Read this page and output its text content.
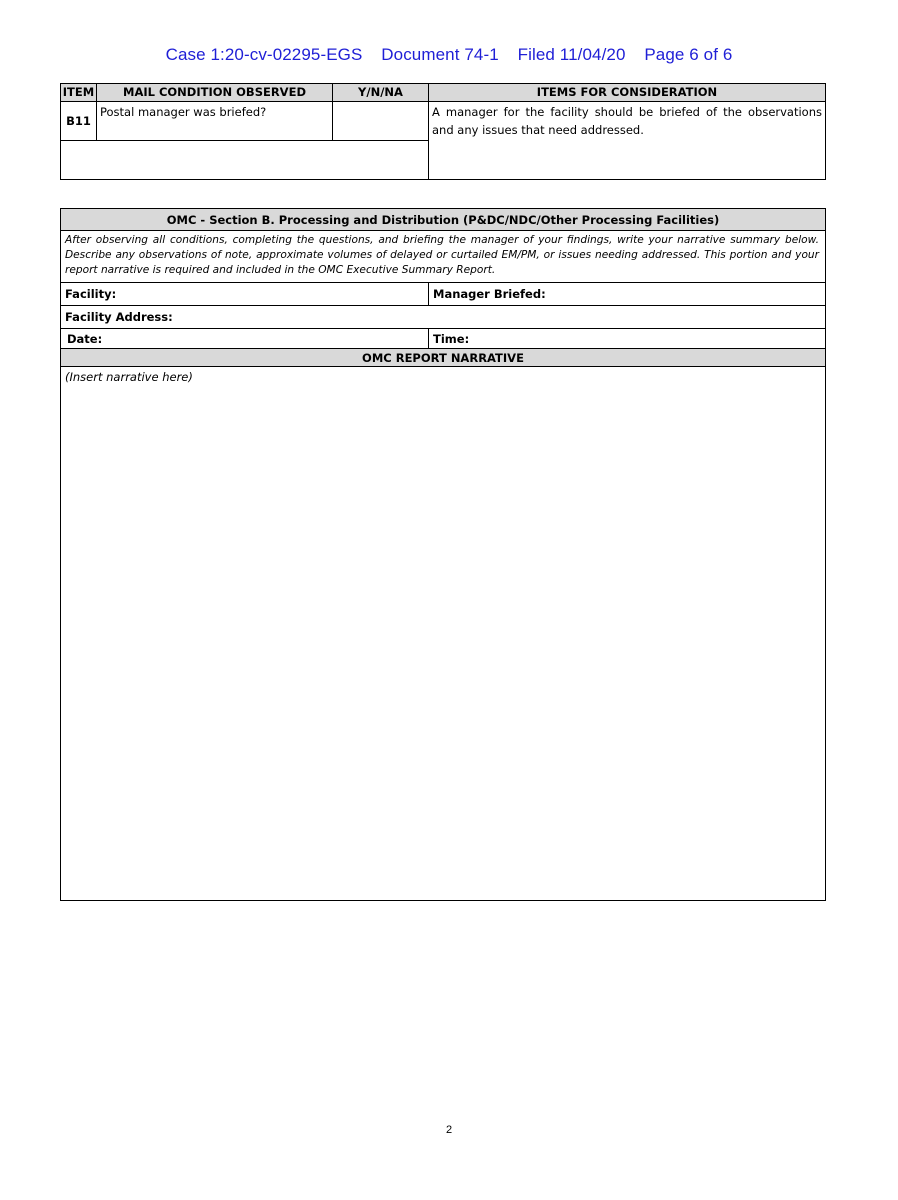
Case 1:20-cv-02295-EGS Document 74-1 Filed 11/04/20 Page 6 of 6
ITEM	MAIL CONDITION OBSERVED	Y/N/NA	ITEMS FOR CONSIDERATION
B11	Postal manager was briefed?		A manager for the facility should be briefed of the observations and any issues that need addressed.

OMC - Section B. Processing and Distribution (P&DC/NDC/Other Processing Facilities)	
After observing all conditions, completing the questions, and briefing the manager of your findings, write your narrative summary below. Describe any observations of note, approximate volumes of delayed or curtailed EM/PM, or issues needing addressed. This portion and your report narrative is required and included in the OMC Executive Summary Report.	
Facility:	Manager Briefed:
Facility Address:	
Date:	Time:
OMC REPORT NARRATIVE	
(Insert narrative here)	
2
